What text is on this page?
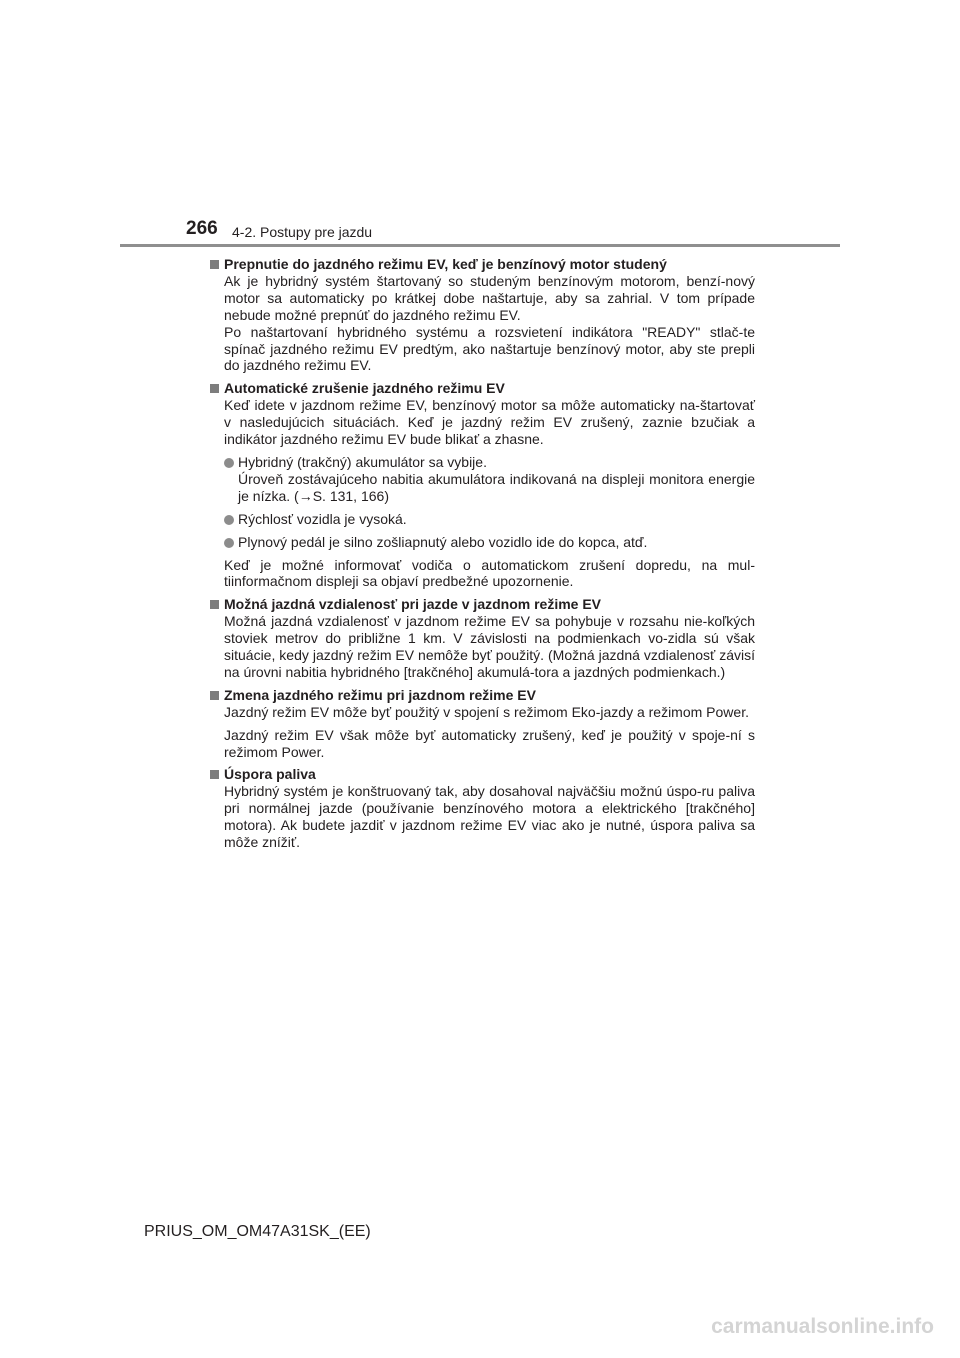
266 4-2. Postupy pre jazdu
Prepnutie do jazdného režimu EV, keď je benzínový motor studený
Ak je hybridný systém štartovaný so studeným benzínovým motorom, benzí-nový motor sa automaticky po krátkej dobe naštartuje, aby sa zahrial. V tom prípade nebude možné prepnúť do jazdného režimu EV.
Po naštartovaní hybridného systému a rozsvietení indikátora "READY" stlač-te spínač jazdného režimu EV predtým, ako naštartuje benzínový motor, aby ste prepli do jazdného režimu EV.
Automatické zrušenie jazdného režimu EV
Keď idete v jazdnom režime EV, benzínový motor sa môže automaticky na-štartovať v nasledujúcich situáciách. Keď je jazdný režim EV zrušený, zaznie bzučiak a indikátor jazdného režimu EV bude blikať a zhasne.
Hybridný (trakčný) akumulátor sa vybije.
Úroveň zostávajúceho nabitia akumulátora indikovaná na displeji monitora energie je nízka. (→S. 131, 166)
Rýchlosť vozidla je vysoká.
Plynový pedál je silno zošliapnutý alebo vozidlo ide do kopca, atď.
Keď je možné informovať vodiča o automatickom zrušení dopredu, na mul-tiinformačnom displeji sa objaví predbežné upozornenie.
Možná jazdná vzdialenosť pri jazde v jazdnom režime EV
Možná jazdná vzdialenosť v jazdnom režime EV sa pohybuje v rozsahu nie-koľkých stoviek metrov do približne 1 km. V závislosti na podmienkach vo-zidla sú však situácie, kedy jazdný režim EV nemôže byť použitý. (Možná jazdná vzdialenosť závisí na úrovni nabitia hybridného [trakčného] akumulá-tora a jazdných podmienkach.)
Zmena jazdného režimu pri jazdnom režime EV
Jazdný režim EV môže byť použitý v spojení s režimom Eko-jazdy a režimom Power.
Jazdný režim EV však môže byť automaticky zrušený, keď je použitý v spoje-ní s režimom Power.
Úspora paliva
Hybridný systém je konštruovaný tak, aby dosahoval najväčšiu možnú úspo-ru paliva pri normálnej jazde (používanie benzínového motora a elektrického [trakčného] motora). Ak budete jazdiť v jazdnom režime EV viac ako je nutné, úspora paliva sa môže znížiť.
PRIUS_OM_OM47A31SK_(EE)
carmanualsonline.info
